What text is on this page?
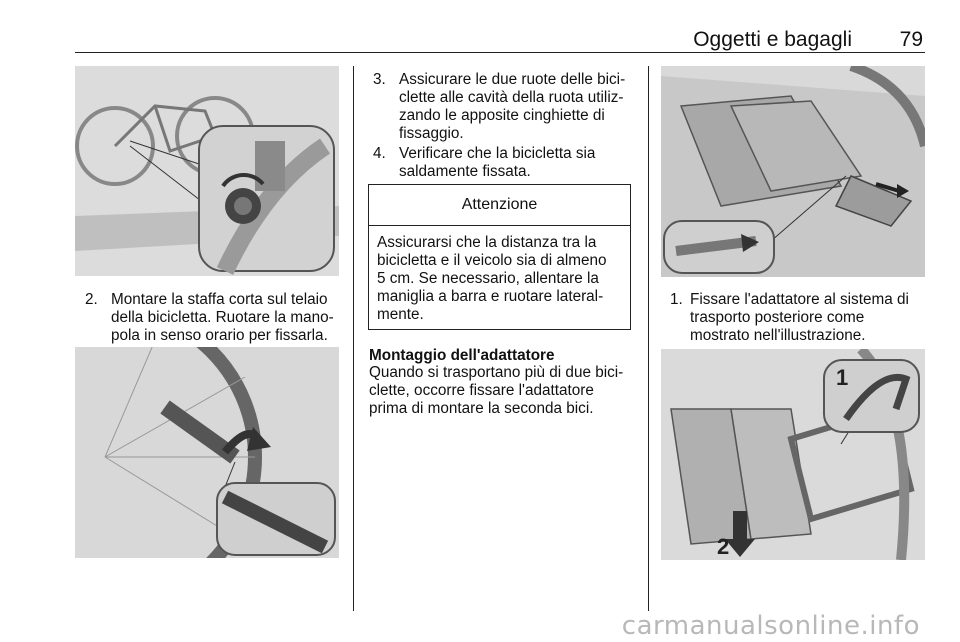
Oggetti e bagagli 79
2. Montare la staffa corta sul telaio
della bicicletta. Ruotare la mano-
pola in senso orario per fissarla.
3. Assicurare le due ruote delle bici-
clette alle cavità della ruota utiliz-
zando le apposite cinghiette di
fissaggio.
4. Verificare che la bicicletta sia
saldamente fissata.
Attenzione
Assicurarsi che la distanza tra la
bicicletta e il veicolo sia di almeno
5 cm. Se necessario, allentare la
maniglia a barra e ruotare lateral-
mente.
Montaggio dell'adattatore
Quando si trasportano più di due bici-
clette, occorre fissare l'adattatore
prima di montare la seconda bici.
1. Fissare l'adattatore al sistema di
trasporto posteriore come
mostrato nell'illustrazione.
1
2
carmanualsonline.info
